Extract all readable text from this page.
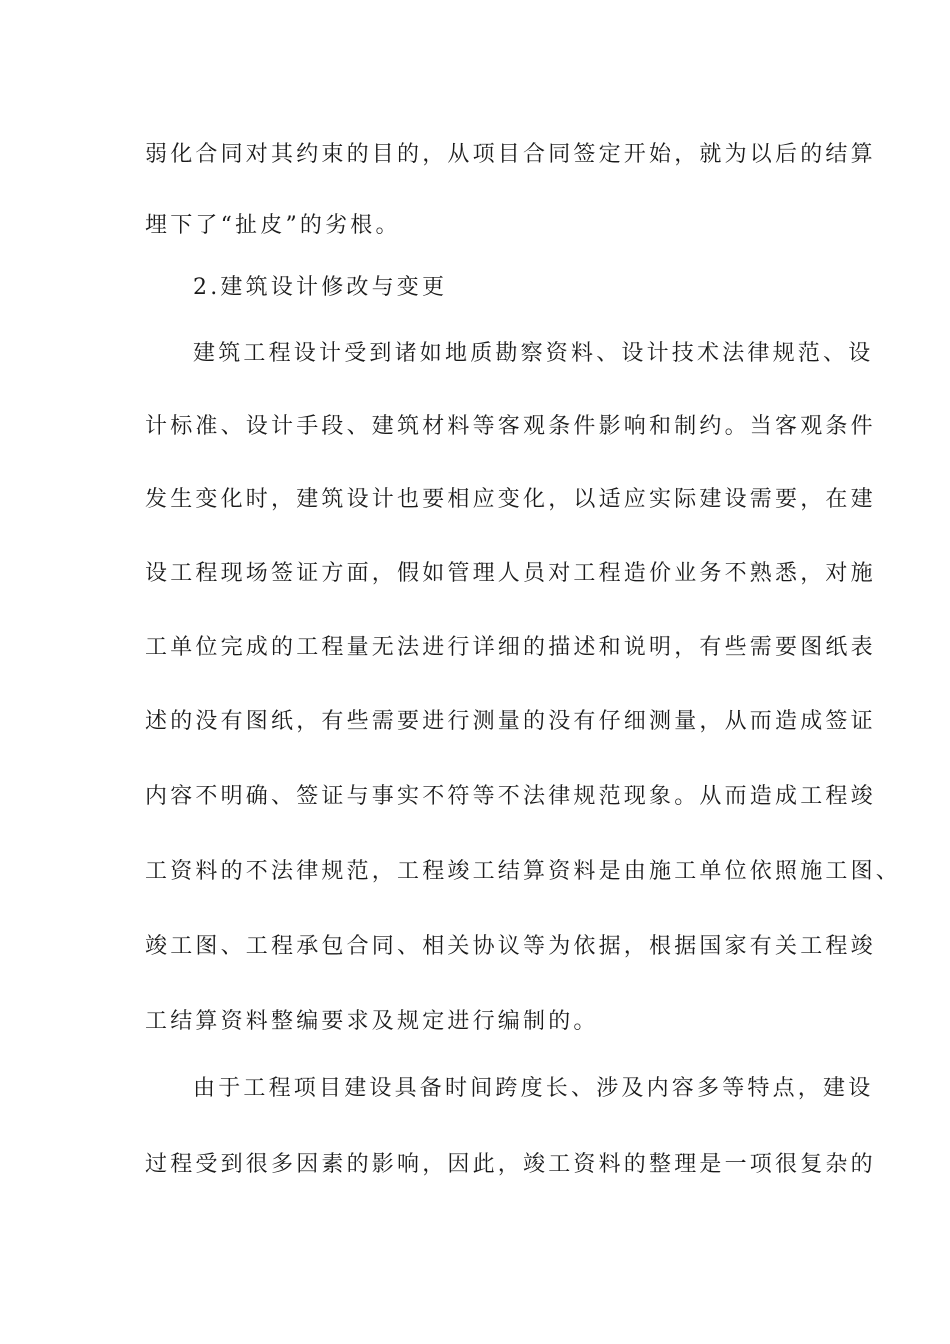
弱化合同对其约束的目的，从项目合同签定开始，就为以后的结算
埋下了“扯皮”的劣根。
2.建筑设计修改与变更
建筑工程设计受到诸如地质勘察资料、设计技术法律规范、设
计标准、设计手段、建筑材料等客观条件影响和制约。当客观条件
发生变化时，建筑设计也要相应变化，以适应实际建设需要，在建
设工程现场签证方面，假如管理人员对工程造价业务不熟悉，对施
工单位完成的工程量无法进行详细的描述和说明，有些需要图纸表
述的没有图纸，有些需要进行测量的没有仔细测量，从而造成签证
内容不明确、签证与事实不符等不法律规范现象。从而造成工程竣
工资料的不法律规范，工程竣工结算资料是由施工单位依照施工图、
竣工图、工程承包合同、相关协议等为依据，根据国家有关工程竣
工结算资料整编要求及规定进行编制的。
由于工程项目建设具备时间跨度长、涉及内容多等特点，建设
过程受到很多因素的影响，因此，竣工资料的整理是一项很复杂的
